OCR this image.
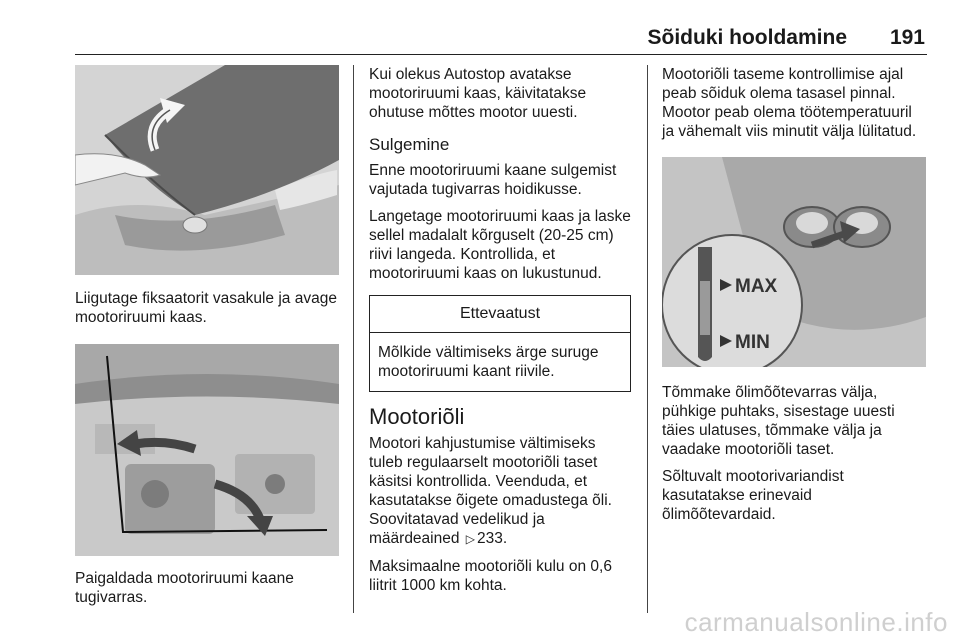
Sõiduki hooldamine 191

Liigutage fiksaatorit vasakule ja avage mootoriruumi kaas.

Paigaldada mootoriruumi kaane tugivarras.

Kui olekus Autostop avatakse mootoriruumi kaas, käivitatakse ohutuse mõttes mootor uuesti.

Sulgemine

Enne mootoriruumi kaane sulgemist vajutada tugivarras hoidikusse.

Langetage mootoriruumi kaas ja laske sellel madalalt kõrguselt (20-25 cm) riivi langeda. Kontrollida, et mootoriruumi kaas on lukustunud.

Ettevaatust
Mõlkide vältimiseks ärge suruge mootoriruumi kaant riivile.
Mootoriõli

Mootori kahjustumise vältimiseks tuleb regulaarselt mootoriõli taset käsitsi kontrollida. Veenduda, et kasutatakse õigete omadustega õli. Soovitatavad vedelikud ja määrdeained ▷ 233.

Maksimaalne mootoriõli kulu on 0,6 liitrit 1000 km kohta.

Mootoriõli taseme kontrollimise ajal peab sõiduk olema tasasel pinnal. Mootor peab olema töötemperatuuril ja vähemalt viis minutit välja lülitatud.

MAX
MIN

Tõmmake õlimõõtevarras välja, pühkige puhtaks, sisestage uuesti täies ulatuses, tõmmake välja ja vaadake mootoriõli taset.

Sõltuvalt mootorivariandist kasutatakse erinevaid õlimõõtevardaid.

carmanualsonline.info
